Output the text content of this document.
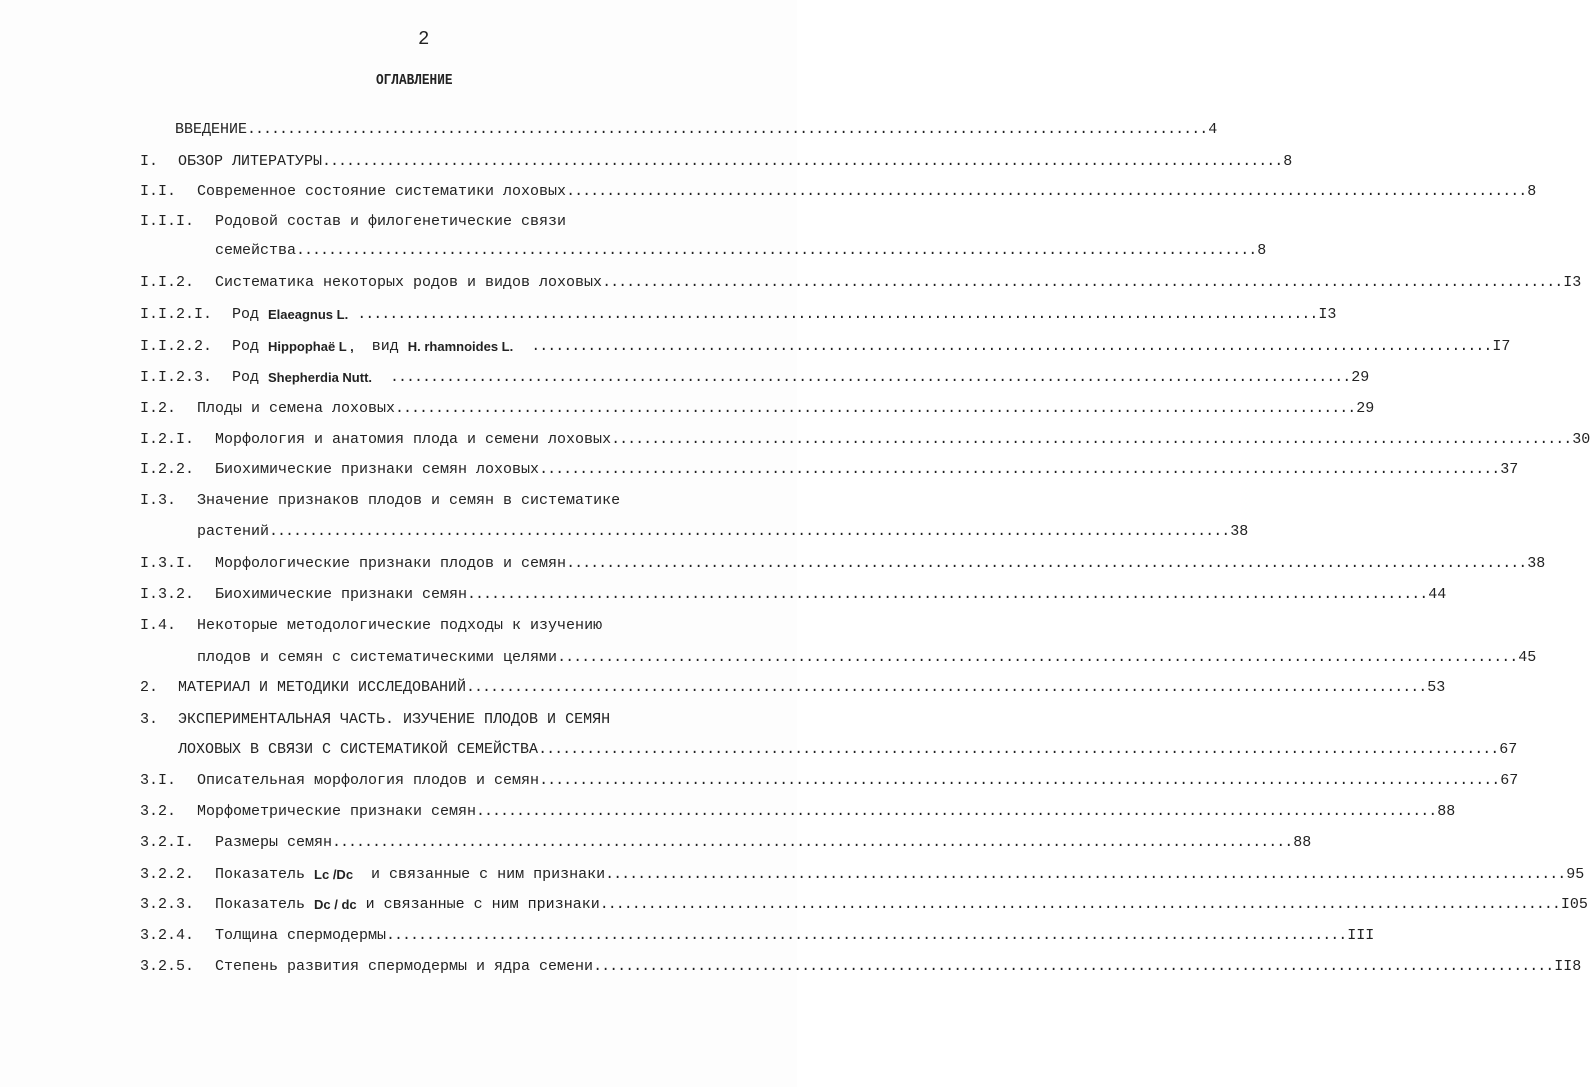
2
ОГЛАВЛЕНИЕ
ВВЕДЕНИЕ ........................................................................................................................ 4
I. ОБЗОР ЛИТЕРАТУРЫ ........................................................................................................................ 8
I.I. Современное состояние систематики лоховых ........................................................................................................................ 8
I.I.I. Родовой состав и филогенетические связи
семейства ........................................................................................................................ 8
I.I.2. Систематика некоторых родов и видов лоховых ........................................................................................................................ I3
I.I.2.I. Род Elaeagnus L.
........................................................................................................................ I3
I.I.2.2. Род Hippophaë L , вид H. rhamnoides L.
........................................................................................................................ I7
I.I.2.3. Род Shepherdia Nutt.
........................................................................................................................ 29
I.2. Плоды и семена лоховых ........................................................................................................................ 29
I.2.I. Морфология и анатомия плода и семени лоховых ........................................................................................................................ 30
I.2.2. Биохимические признаки семян лоховых ........................................................................................................................ 37
I.3. Значение признаков плодов и семян в систематике
растений ........................................................................................................................ 38
I.3.I. Морфологические признаки плодов и семян ........................................................................................................................ 38
I.3.2. Биохимические признаки семян ........................................................................................................................ 44
I.4. Некоторые методологические подходы к изучению
плодов и семян с систематическими целями ........................................................................................................................ 45
2. МАТЕРИАЛ И МЕТОДИКИ ИССЛЕДОВАНИЙ ........................................................................................................................ 53
3. ЭКСПЕРИМЕНТАЛЬНАЯ ЧАСТЬ. ИЗУЧЕНИЕ ПЛОДОВ И СЕМЯН
ЛОХОВЫХ В СВЯЗИ С СИСТЕМАТИКОЙ СЕМЕЙСТВА ........................................................................................................................ 67
3.I. Описательная морфология плодов и семян ........................................................................................................................ 67
3.2. Морфометрические признаки семян ........................................................................................................................ 88
3.2.I. Размеры семян ........................................................................................................................ 88
3.2.2. Показатель Lc /Dc и связанные с ним признаки ........................................................................................................................ 95
3.2.3. Показатель Dc / dc и связанные с ним признаки ........................................................................................................................ I05
3.2.4. Толщина спермодермы ........................................................................................................................ III
3.2.5. Степень развития спермодермы и ядра семени ........................................................................................................................ II8
